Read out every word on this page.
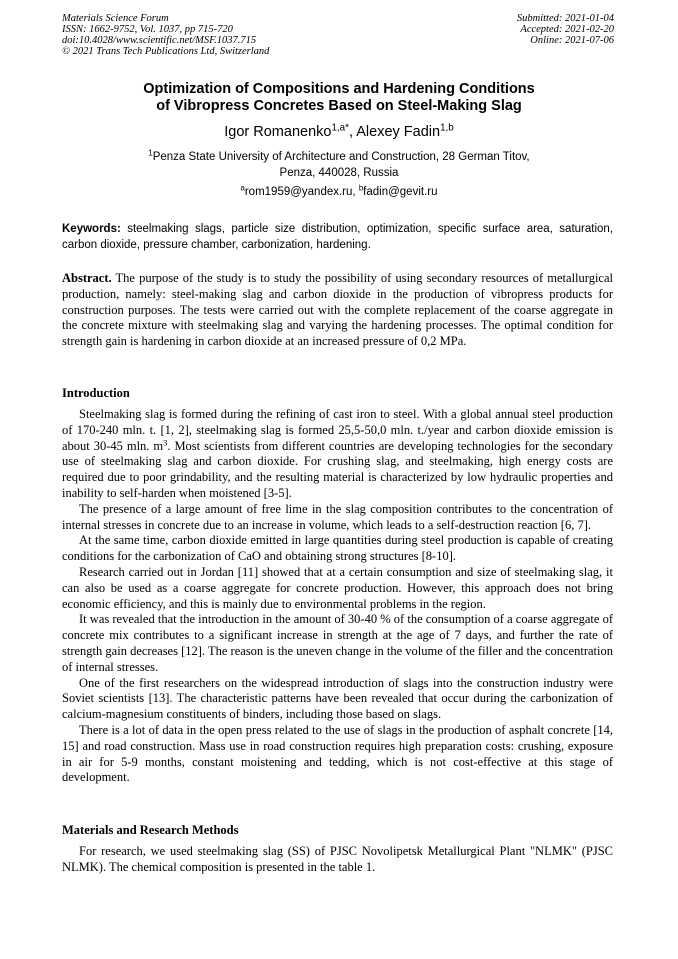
Materials Science Forum
ISSN: 1662-9752, Vol. 1037, pp 715-720
doi:10.4028/www.scientific.net/MSF.1037.715
© 2021 Trans Tech Publications Ltd, Switzerland
Submitted: 2021-01-04
Accepted: 2021-02-20
Online: 2021-07-06
Optimization of Compositions and Hardening Conditions
of Vibropress Concretes Based on Steel-Making Slag
Igor Romanenko$^{1,a*}$, Alexey Fadin$^{1,b}$
$^1$Penza State University of Architecture and Construction, 28 German Titov,
Penza, 440028, Russia
$^a$rom1959@yandex.ru, $^b$fadin@gevit.ru
Keywords: steelmaking slags, particle size distribution, optimization, specific surface area, saturation, carbon dioxide, pressure chamber, carbonization, hardening.
Abstract. The purpose of the study is to study the possibility of using secondary resources of metallurgical production, namely: steel-making slag and carbon dioxide in the production of vibropress products for construction purposes. The tests were carried out with the complete replacement of the coarse aggregate in the concrete mixture with steelmaking slag and varying the hardening processes. The optimal condition for strength gain is hardening in carbon dioxide at an increased pressure of 0,2 MPa.
Introduction

Steelmaking slag is formed during the refining of cast iron to steel. With a global annual steel production of 170-240 mln. t. [1, 2], steelmaking slag is formed 25,5-50,0 mln. t./year and carbon dioxide emission is about 30-45 mln. $m^3$. Most scientists from different countries are developing technologies for the secondary use of steelmaking slag and carbon dioxide. For crushing slag, and steelmaking, high energy costs are required due to poor grindability, and the resulting material is characterized by low hydraulic properties and inability to self-harden when moistened [3-5].

The presence of a large amount of free lime in the slag composition contributes to the concentration of internal stresses in concrete due to an increase in volume, which leads to a self-destruction reaction [6, 7].

At the same time, carbon dioxide emitted in large quantities during steel production is capable of creating conditions for the carbonization of CaO and obtaining strong structures [8-10].

Research carried out in Jordan [11] showed that at a certain consumption and size of steelmaking slag, it can also be used as a coarse aggregate for concrete production. However, this approach does not bring economic efficiency, and this is mainly due to environmental problems in the region.

It was revealed that the introduction in the amount of 30-40 % of the consumption of a coarse aggregate of concrete mix contributes to a significant increase in strength at the age of 7 days, and further the rate of strength gain decreases [12]. The reason is the uneven change in the volume of the filler and the concentration of internal stresses.

One of the first researchers on the widespread introduction of slags into the construction industry were Soviet scientists [13]. The characteristic patterns have been revealed that occur during the carbonization of calcium-magnesium constituents of binders, including those based on slags.

There is a lot of data in the open press related to the use of slags in the production of asphalt concrete [14, 15] and road construction. Mass use in road construction requires high preparation costs: crushing, exposure in air for 5-9 months, constant moistening and tedding, which is not cost-effective at this stage of development.

Materials and Research Methods

For research, we used steelmaking slag (SS) of PJSC Novolipetsk Metallurgical Plant "NLMK" (PJSC NLMK). The chemical composition is presented in the table 1.
